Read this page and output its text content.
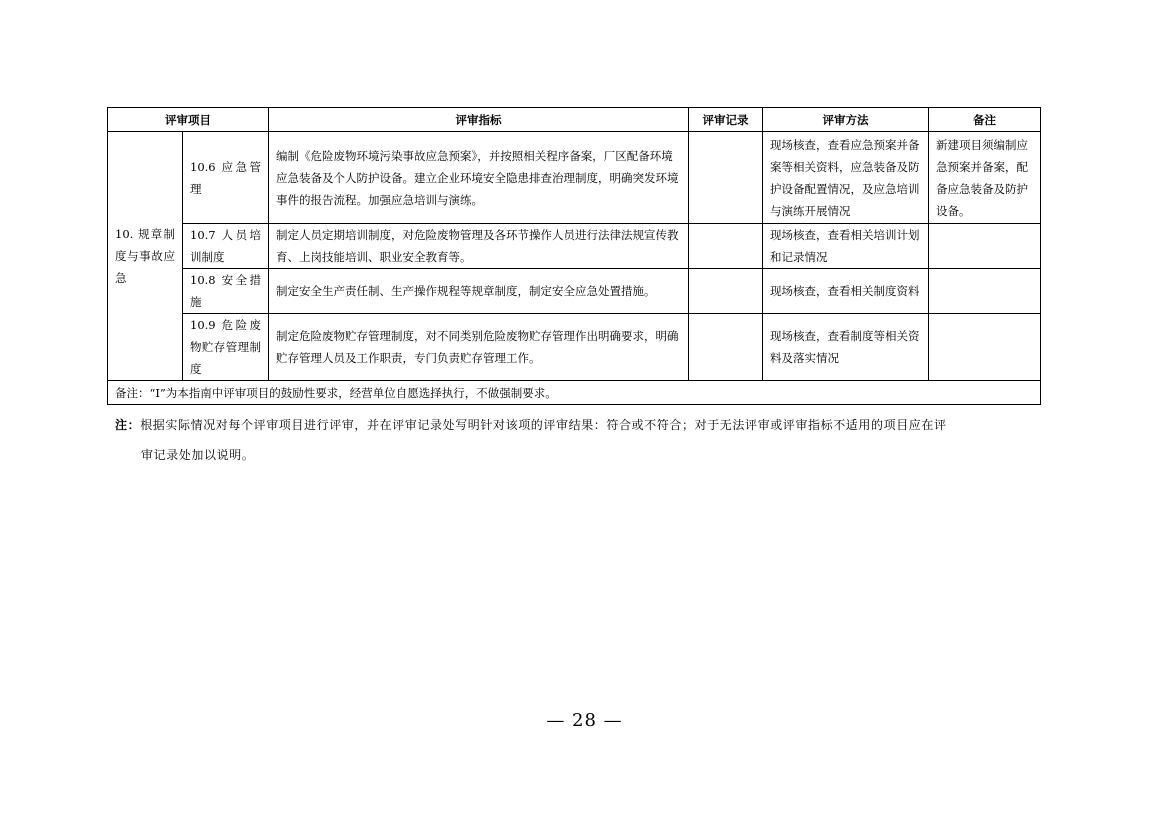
评审项目		评审指标	评审记录	评审方法	备注
10. 规章制度与事故应急	10.6 应急管理	编制《危险废物环境污染事故应急预案》，并按照相关程序备案，厂区配备环境应急装备及个人防护设备。建立企业环境安全隐患排查治理制度，明确突发环境事件的报告流程。加强应急培训与演练。		现场核查，查看应急预案并备案等相关资料，应急装备及防护设备配置情况，及应急培训与演练开展情况	新建项目须编制应急预案并备案，配备应急装备及防护设备。
	10.7 人员培训制度	制定人员定期培训制度，对危险废物管理及各环节操作人员进行法律法规宣传教育、上岗技能培训、职业安全教育等。		现场核查，查看相关培训计划和记录情况	
	10.8 安全措施	制定安全生产责任制、生产操作规程等规章制度，制定安全应急处置措施。		现场核查，查看相关制度资料	
	10.9 危险废物贮存管理制度	制定危险废物贮存管理制度，对不同类别危险废物贮存管理作出明确要求，明确贮存管理人员及工作职责，专门负责贮存管理工作。		现场核查，查看制度等相关资料及落实情况	
备注：“I”为本指南中评审项目的鼓励性要求，经营单位自愿选择执行，不做强制要求。					
注：根据实际情况对每个评审项目进行评审，并在评审记录处写明针对该项的评审结果：符合或不符合；对于无法评审或评审指标不适用的项目应在评
审记录处加以说明。
— 28 —
